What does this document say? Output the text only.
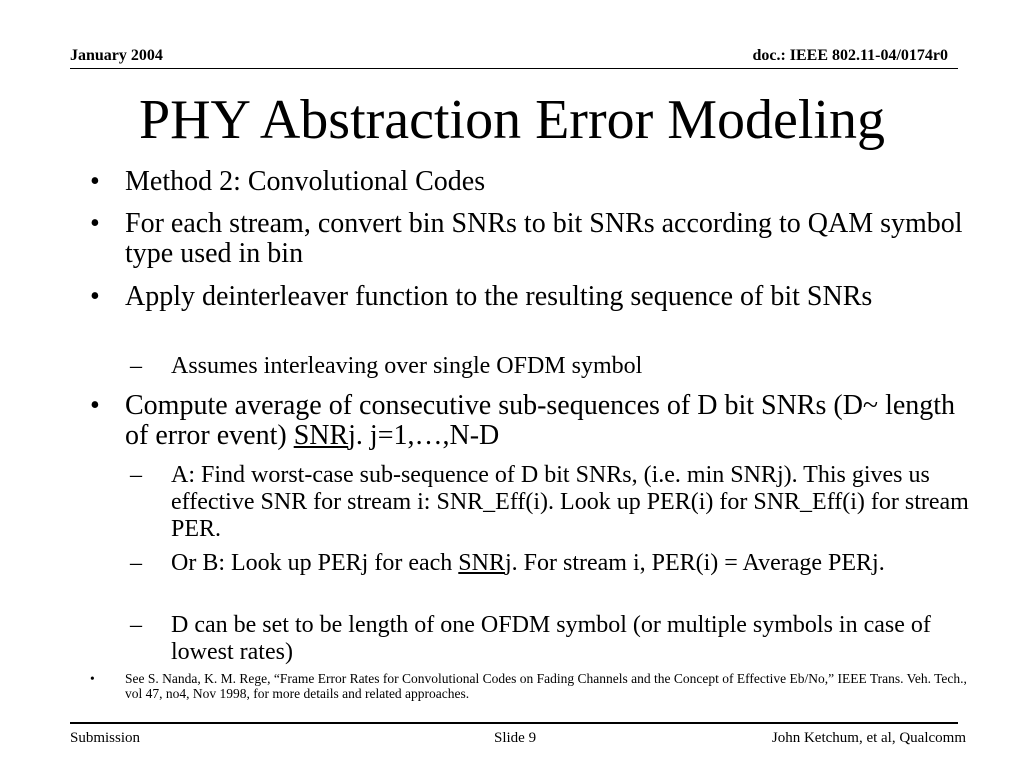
January 2004	doc.: IEEE 802.11-04/0174r0
PHY Abstraction Error Modeling

• Method 2: Convolutional Codes

• For each stream, convert bin SNRs to bit SNRs according to QAM symbol type used in bin

• Apply deinterleaver function to the resulting sequence of bit SNRs

– Assumes interleaving over single OFDM symbol

• Compute average of consecutive sub-sequences of D bit SNRs (D~ length of error event) SNRj. j=1,…,N-D

– A: Find worst-case sub-sequence of D bit SNRs, (i.e. min SNRj). This gives us effective SNR for stream i: SNR_Eff(i). Look up PER(i) for SNR_Eff(i) for stream PER.

– Or B: Look up PERj for each SNRj. For stream i, PER(i) = Average PERj.

– D can be set to be length of one OFDM symbol (or multiple symbols in case of lowest rates)

• See S. Nanda, K. M. Rege, “Frame Error Rates for Convolutional Codes on Fading Channels and the Concept of Effective Eb/No,” IEEE Trans. Veh. Tech., vol 47, no4, Nov 1998, for more details and related approaches.

Submission	Slide 9	John Ketchum, et al, Qualcomm
